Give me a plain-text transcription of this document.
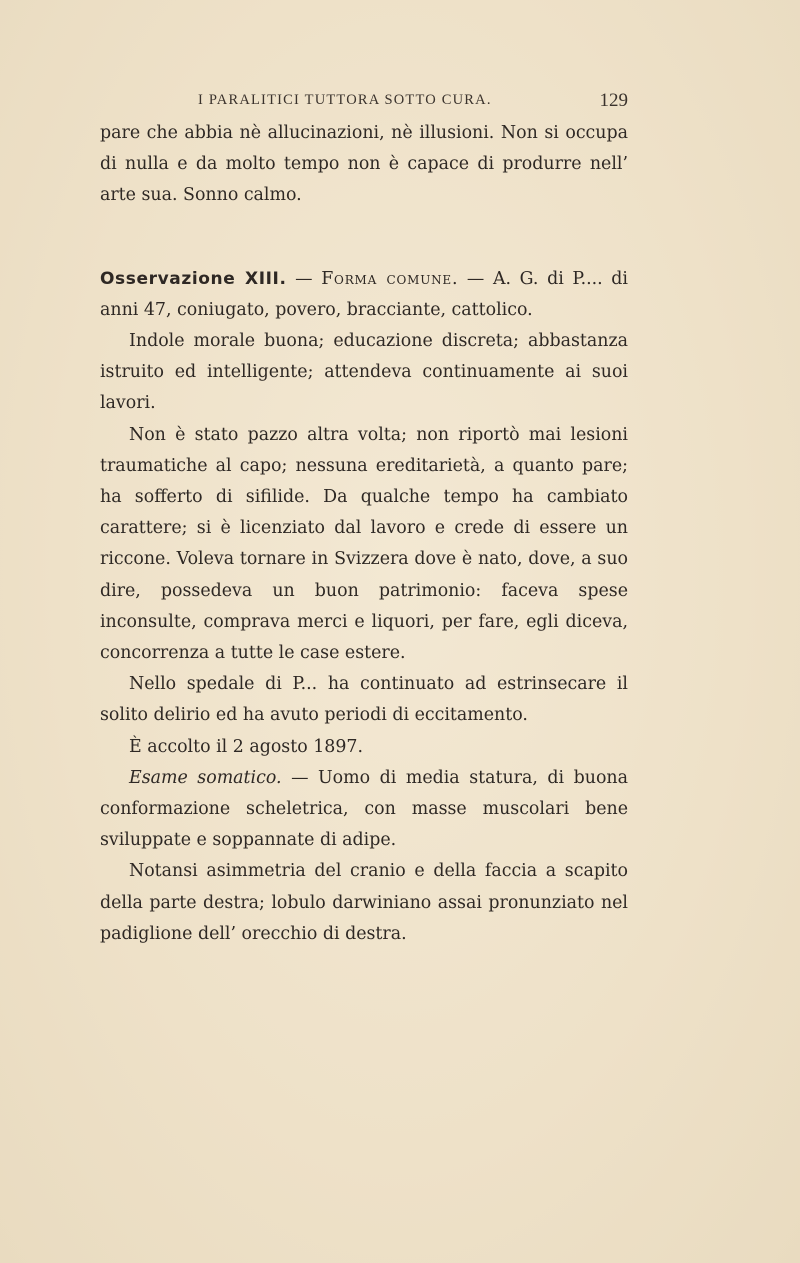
I PARALITICI TUTTORA SOTTO CURA.	129

pare che abbia nè allucinazioni, nè illusioni. Non si occupa di nulla e da molto tempo non è capace di produrre nell’ arte sua. Sonno calmo.

Osservazione XIII. — Forma comune. — A. G. di P.... di anni 47, coniugato, povero, bracciante, cattolico.

Indole morale buona; educazione discreta; abbastanza istruito ed intelligente; attendeva continuamente ai suoi lavori.

Non è stato pazzo altra volta; non riportò mai lesioni traumatiche al capo; nessuna ereditarietà, a quanto pare; ha sofferto di sifilide. Da qualche tempo ha cambiato carattere; si è licenziato dal lavoro e crede di essere un riccone. Voleva tornare in Svizzera dove è nato, dove, a suo dire, possedeva un buon patrimonio: faceva spese inconsulte, comprava merci e liquori, per fare, egli diceva, concorrenza a tutte le case estere.

Nello spedale di P... ha continuato ad estrinsecare il solito delirio ed ha avuto periodi di eccitamento.

È accolto il 2 agosto 1897.

Esame somatico. — Uomo di media statura, di buona conformazione scheletrica, con masse muscolari bene sviluppate e soppannate di adipe.

Notansi asimmetria del cranio e della faccia a scapito della parte destra; lobulo darwiniano assai pronunziato nel padiglione dell’ orecchio di destra.
